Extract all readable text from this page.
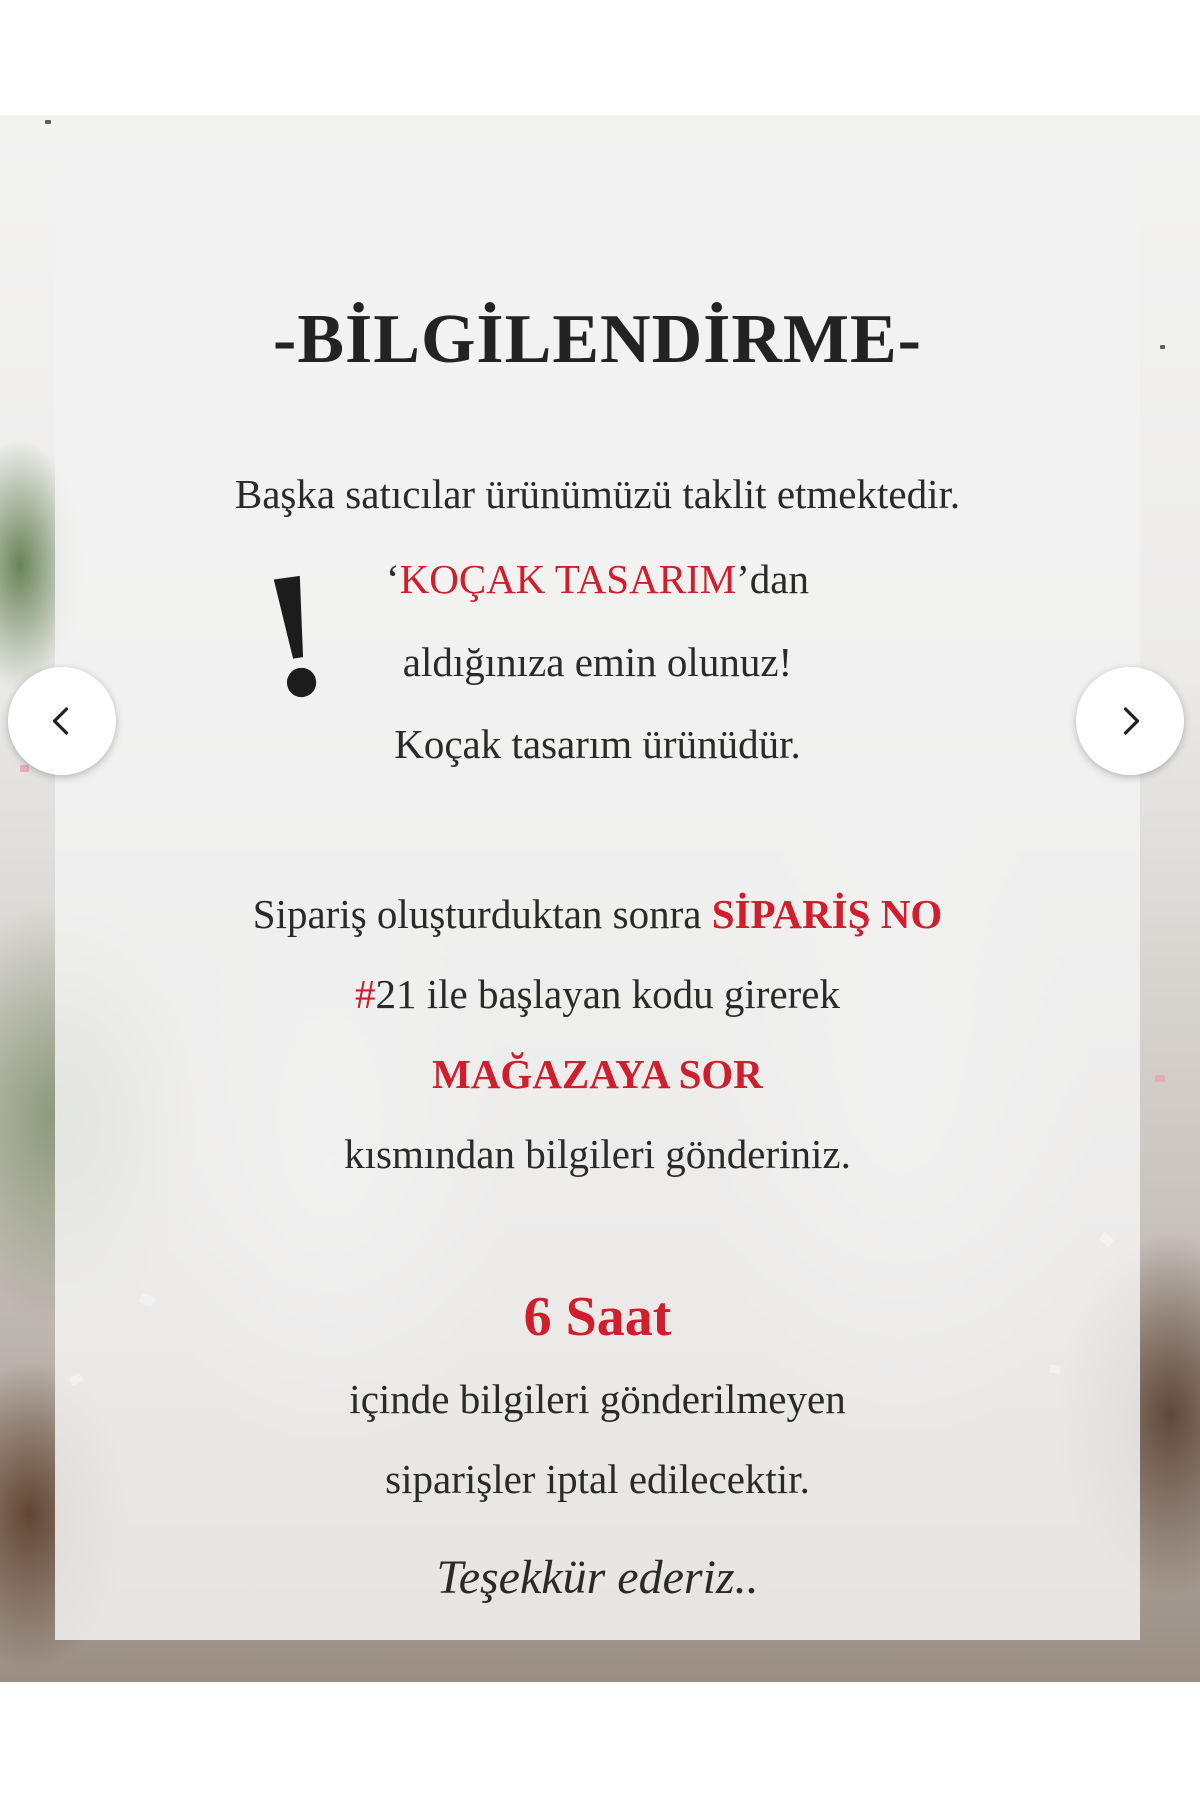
-BİLGİLENDİRME-
!
Başka satıcılar ürünümüzü taklit etmektedir.
‘KOÇAK TASARIM’dan
aldığınıza emin olunuz!
Koçak tasarım ürünüdür.
Sipariş oluşturduktan sonra SİPARİŞ NO
#21 ile başlayan kodu girerek
MAĞAZAYA SOR
kısmından bilgileri gönderiniz.
6 Saat
içinde bilgileri gönderilmeyen
siparişler iptal edilecektir.
Teşekkür ederiz..
